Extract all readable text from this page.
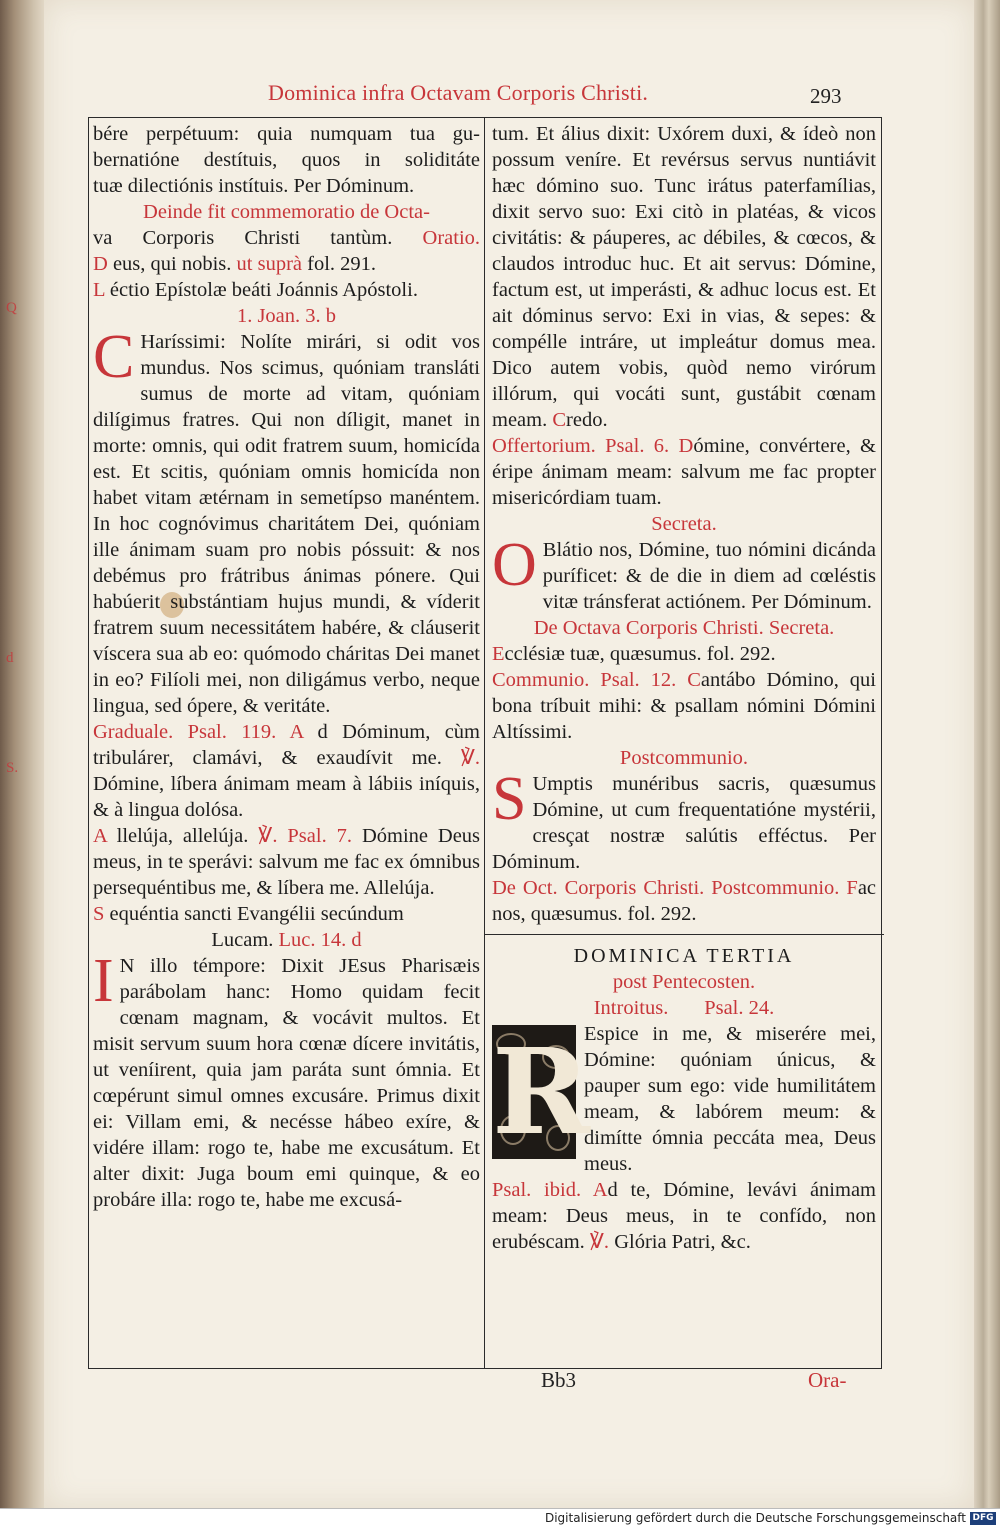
Q
d
S.
Dominica infra Octavam Corporis Christi.	293

bére perpétuum: quia numquam tua gu-

bernatióne destítuis, quos in soliditáte

tuæ dilectiónis instítuis. Per Dóminum.

Deinde fit commemoratio de Octa-

va Corporis Christi tantùm. Oratio.

D eus, qui nobis. ut suprà fol. 291.

L éctio Epístolæ beáti Joánnis Apóstoli.

1. Joan. 3. b

C Haríssimi: Nolíte mirári, si odit vos mundus. Nos scimus, quóniam transláti sumus de morte ad vitam, quóniam dilígimus fratres. Qui non díligit, manet in morte: omnis, qui odit fratrem suum, homicída est. Et scitis, quóniam omnis homicída non habet vitam ætérnam in semetípso manéntem. In hoc cognóvimus charitátem Dei, quóniam ille ánimam suam pro nobis póssuit: & nos debémus pro frátribus ánimas pónere. Qui habúerit substántiam hujus mundi, & víderit fratrem suum necessitátem habére, & cláuserit víscera sua ab eo: quómodo cháritas Dei manet in eo? Filíoli mei, non diligámus verbo, neque lingua, sed ópere, & veritáte.

Graduale. Psal. 119. A d Dóminum, cùm tribulárer, clamávi, & exaudívit me. ℣. Dómine, líbera ánimam meam à lábiis iníquis, & à lingua dolósa.

A llelúja, allelúja. ℣. Psal. 7. Dómine Deus meus, in te sperávi: salvum me fac ex ómnibus persequéntibus me, & líbera me. Allelúja.

S equéntia sancti Evangélii secúndum

Lucam. Luc. 14. d

I N illo témpore: Dixit JEsus Pharisæis parábolam hanc: Homo quidam fecit cœnam magnam, & vocávit multos. Et misit servum suum hora cœnæ dícere invitátis, ut veníirent, quia jam paráta sunt ómnia. Et cœpérunt simul omnes excusáre. Primus dixit ei: Villam emi, & necésse hábeo exíre, & vidére illam: rogo te, habe me excusátum. Et alter dixit: Juga boum emi quinque, & eo probáre illa: rogo te, habe me excusá-

tum. Et álius dixit: Uxórem duxi, & ídeò non possum veníre. Et revérsus servus nuntiávit hæc dómino suo. Tunc irátus paterfamílias, dixit servo suo: Exi citò in platéas, & vicos civitátis: & páuperes, ac débiles, & cœcos, & claudos introduc huc. Et ait servus: Dómine, factum est, ut imperásti, & adhuc locus est. Et ait dóminus servo: Exi in vias, & sepes: & compélle intráre, ut impleátur domus mea. Dico autem vobis, quòd nemo virórum illórum, qui vocáti sunt, gustábit cœnam meam. Credo.

Offertorium. Psal. 6. Dómine, convértere, & éripe ánimam meam: salvum me fac propter misericórdiam tuam.

Secreta.

O Blátio nos, Dómine, tuo nómini dicánda puríficet: & de die in diem ad cœléstis vitæ tránsferat actiónem. Per Dóminum.

De Octava Corporis Christi. Secreta.

Ecclésiæ tuæ, quæsumus. fol. 292.

Communio. Psal. 12. Cantábo Dómino, qui bona tríbuit mihi: & psallam nómini Dómini Altíssimi.

Postcommunio.

S Umptis munéribus sacris, quæsumus Dómine, ut cum frequentatióne mystérii, cresçat nostræ salútis efféctus. Per Dóminum.

De Oct. Corporis Christi. Postcommunio. Fac nos, quæsumus. fol. 292.

DOMINICA TERTIA

post Pentecosten.

Introitus. Psal. 24.

R
Espice in me, & miserére mei, Dómine: quóniam únicus, & pauper sum ego: vide humilitátem meam, & labórem meum: & dimítte ómnia peccáta mea, Deus meus.

Psal. ibid. Ad te, Dómine, levávi ánimam meam: Deus meus, in te confído, non erubéscam. ℣. Glória Patri, &c.

Bb3	Ora-
Digitalisierung gefördert durch die Deutsche Forschungsgemeinschaft DFG
